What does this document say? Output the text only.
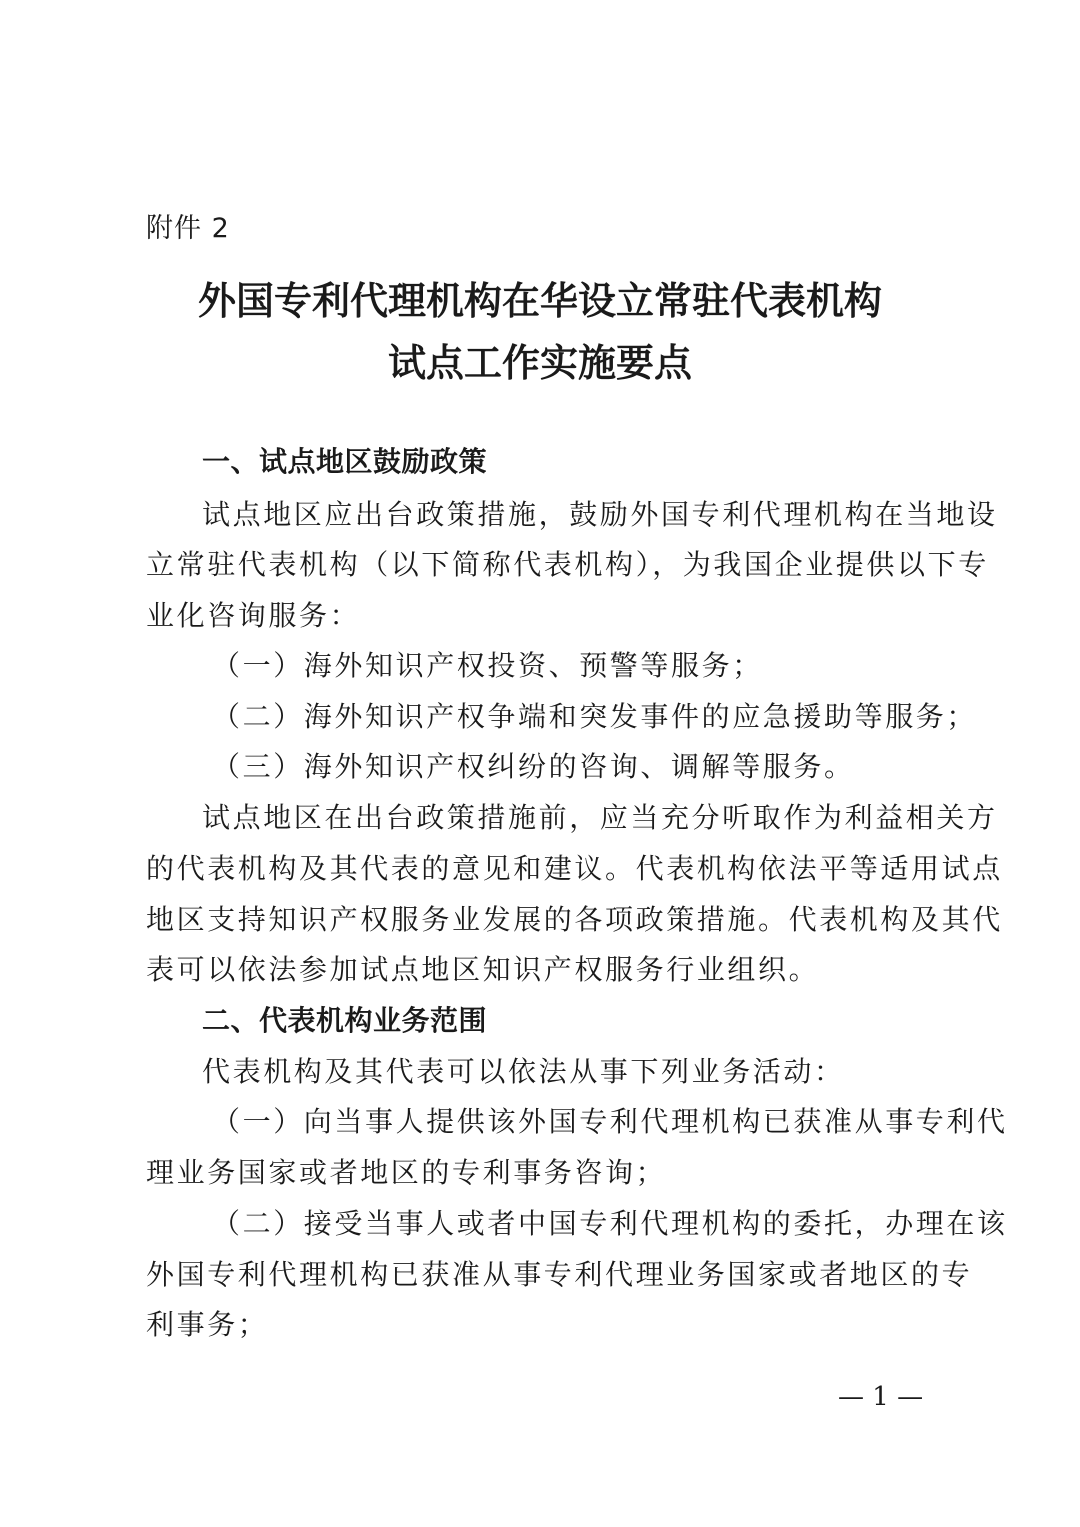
附件 2
外国专利代理机构在华设立常驻代表机构
试点工作实施要点
一、试点地区鼓励政策
试点地区应出台政策措施，鼓励外国专利代理机构在当地设
立常驻代表机构（以下简称代表机构），为我国企业提供以下专
业化咨询服务：
（一）海外知识产权投资、预警等服务；
（二）海外知识产权争端和突发事件的应急援助等服务；
（三）海外知识产权纠纷的咨询、调解等服务。
试点地区在出台政策措施前，应当充分听取作为利益相关方
的代表机构及其代表的意见和建议。代表机构依法平等适用试点
地区支持知识产权服务业发展的各项政策措施。代表机构及其代
表可以依法参加试点地区知识产权服务行业组织。
二、代表机构业务范围
代表机构及其代表可以依法从事下列业务活动：
（一）向当事人提供该外国专利代理机构已获准从事专利代
理业务国家或者地区的专利事务咨询；
（二）接受当事人或者中国专利代理机构的委托，办理在该
外国专利代理机构已获准从事专利代理业务国家或者地区的专
利事务；
— 1 —
